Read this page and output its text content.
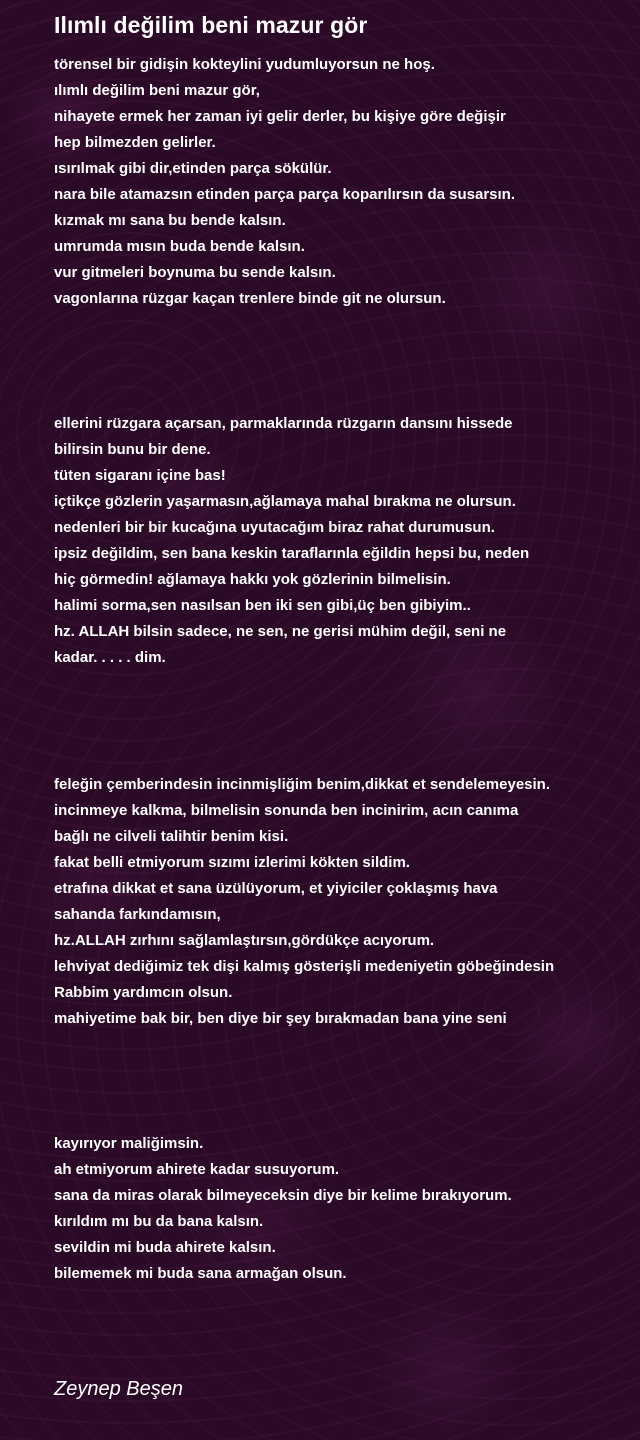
Ilımlı değilim beni mazur gör
törensel bir gidişin kokteylini yudumluyorsun ne hoş.
ılımlı değilim beni mazur gör,
nihayete ermek her zaman iyi gelir derler, bu kişiye göre değişir
hep bilmezden gelirler.
ısırılmak gibi dir,etinden parça sökülür.
nara bile atamazsın etinden parça parça koparılırsın da susarsın.
kızmak mı sana bu bende kalsın.
umrumda mısın buda bende kalsın.
vur gitmeleri boynuma bu sende kalsın.
vagonlarına rüzgar kaçan trenlere binde git ne olursun.
ellerini rüzgara açarsan, parmaklarında rüzgarın dansını hissede
bilirsin bunu bir dene.
tüten sigaranı içine bas!
içtikçe gözlerin yaşarmasın,ağlamaya mahal bırakma ne olursun.
nedenleri bir bir kucağına uyutacağım biraz rahat durumusun.
ipsiz değildim, sen bana keskin taraflarınla eğildin hepsi bu, neden
hiç görmedin! ağlamaya hakkı yok gözlerinin bilmelisin.
halimi sorma,sen nasılsan ben iki sen gibi,üç ben gibiyim..
hz. ALLAH bilsin sadece, ne sen, ne gerisi mühim değil, seni ne
kadar. . . . . dim.
feleğin çemberindesin incinmişliğim benim,dikkat et sendelemeyesin.
incinmeye kalkma, bilmelisin sonunda ben incinirim, acın canıma
bağlı ne cilveli talihtir benim kisi.
fakat belli etmiyorum sızımı izlerimi kökten sildim.
etrafına dikkat et sana üzülüyorum, et yiyiciler çoklaşmış hava
sahanda farkındamısın,
hz.ALLAH zırhını sağlamlaştırsın,gördükçe acıyorum.
lehviyat dediğimiz tek dişi kalmış gösterişli medeniyetin göbeğindesin
Rabbim yardımcın olsun.
mahiyetime bak bir, ben diye bir şey bırakmadan bana yine seni
kayırıyor maliğimsin.
ah etmiyorum ahirete kadar susuyorum.
sana da miras olarak bilmeyeceksin diye bir kelime bırakıyorum.
kırıldım mı bu da bana kalsın.
sevildin mi buda ahirete kalsın.
bilememek mi buda sana armağan olsun.
Zeynep Beşen
